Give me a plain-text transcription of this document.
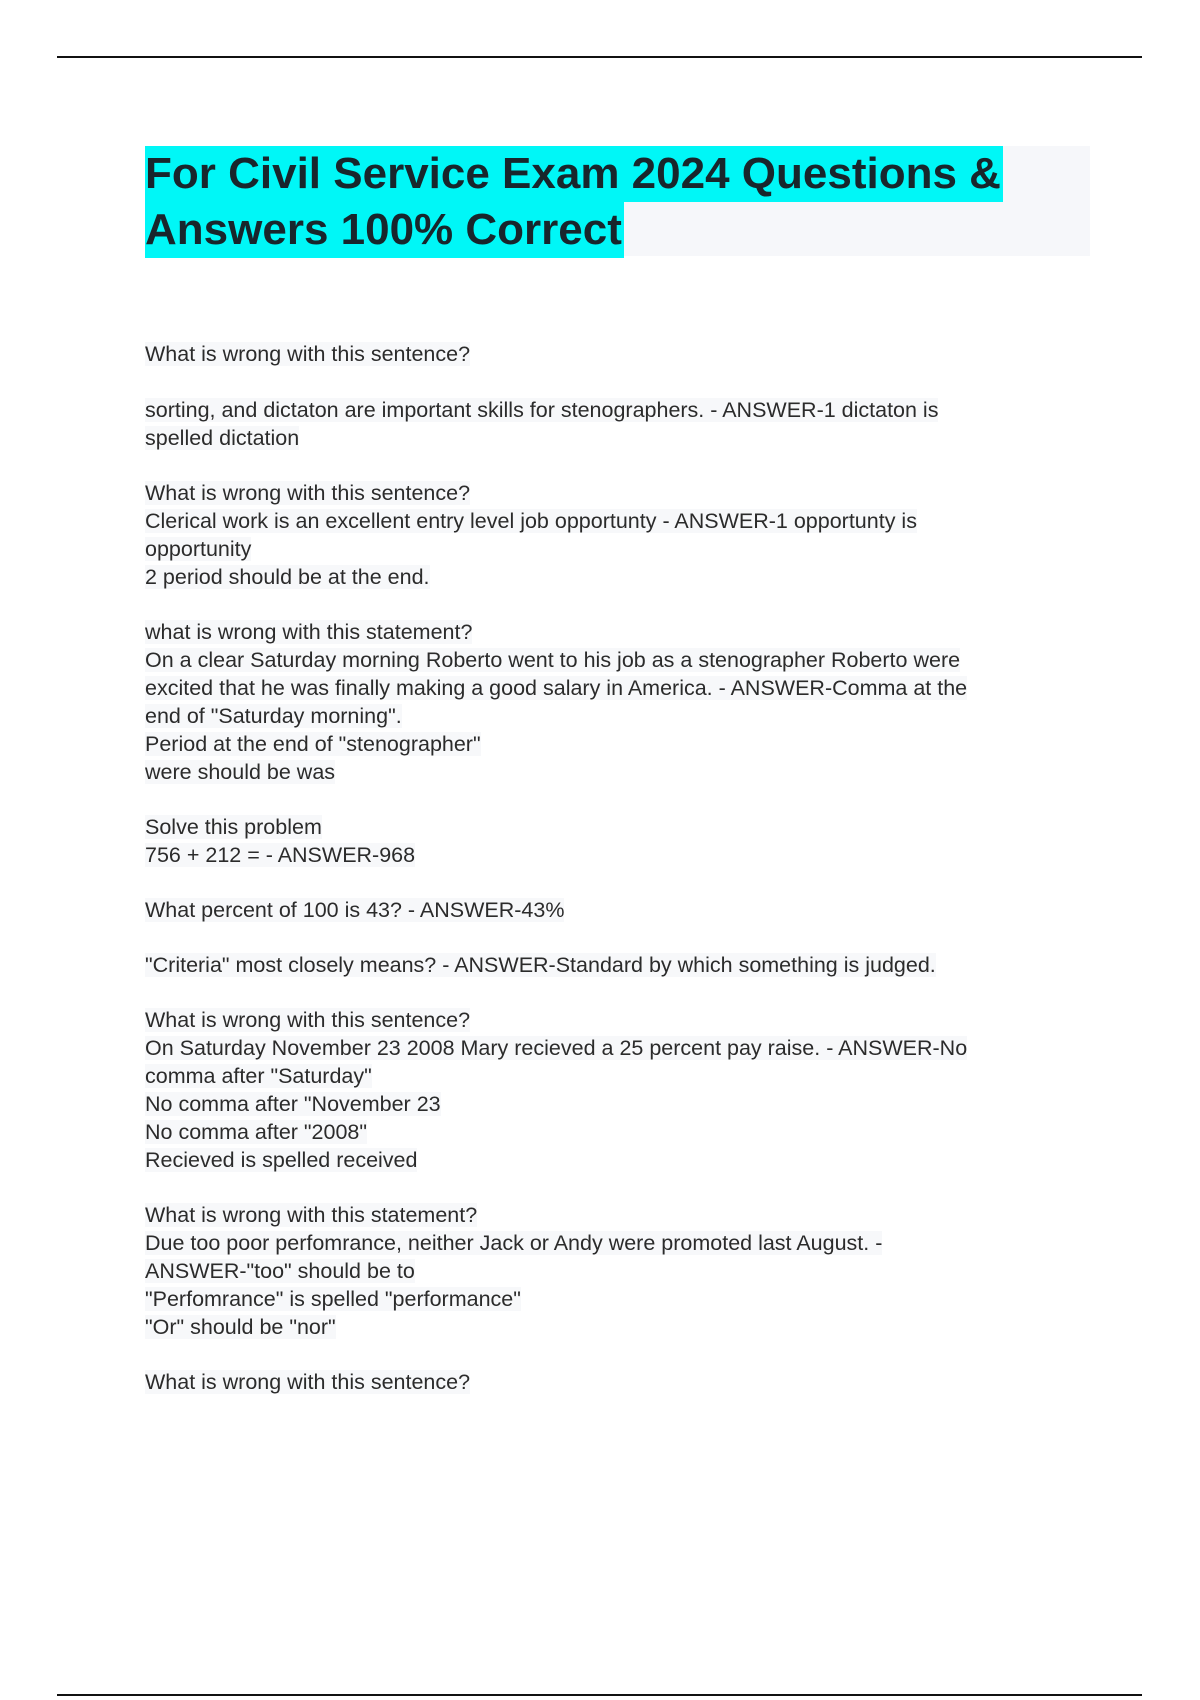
For Civil Service Exam 2024 Questions &
Answers 100% Correct
What is wrong with this sentence?
sorting, and dictaton are important skills for stenographers. - ANSWER-1 dictaton is
spelled dictation
What is wrong with this sentence?
Clerical work is an excellent entry level job opportunty - ANSWER-1 opportunty is
opportunity
2 period should be at the end.
what is wrong with this statement?
On a clear Saturday morning Roberto went to his job as a stenographer Roberto were
excited that he was finally making a good salary in America. - ANSWER-Comma at the
end of "Saturday morning".
Period at the end of "stenographer"
were should be was
Solve this problem
756 + 212 = - ANSWER-968
What percent of 100 is 43? - ANSWER-43%
"Criteria" most closely means? - ANSWER-Standard by which something is judged.
What is wrong with this sentence?
On Saturday November 23 2008 Mary recieved a 25 percent pay raise. - ANSWER-No
comma after "Saturday"
No comma after "November 23
No comma after "2008"
Recieved is spelled received
What is wrong with this statement?
Due too poor perfomrance, neither Jack or Andy were promoted last August. -
ANSWER-"too" should be to
"Perfomrance" is spelled "performance"
"Or" should be "nor"
What is wrong with this sentence?
